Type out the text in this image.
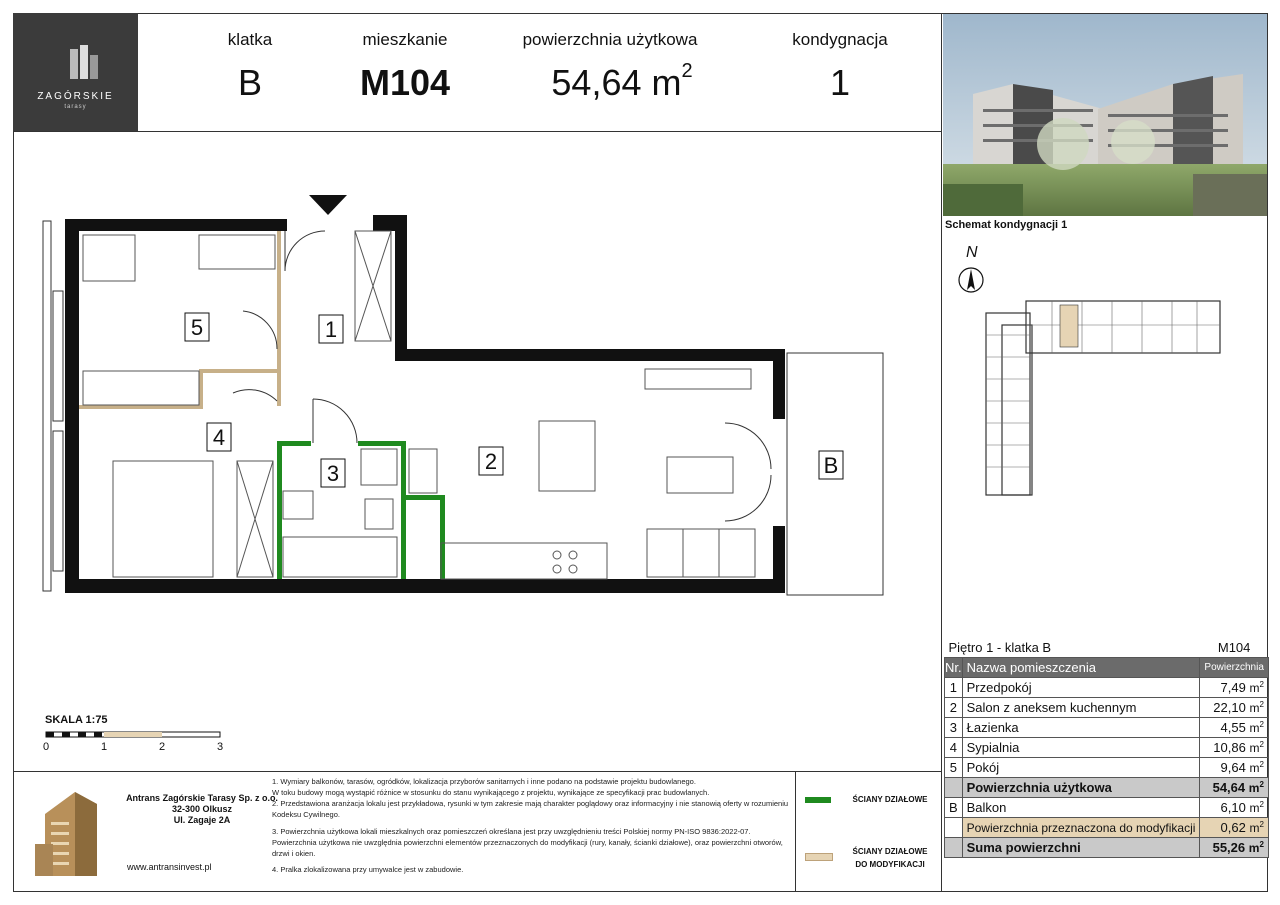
ZAGÓRSKIE
tarasy
klatka
B
mieszkanie
M104
powierzchnia użytkowa
54,64 $m^2$
kondygnacja
1
Schemat kondygnacji 1
N
1
2
3
4
5
B
SKALA 1:75
0	1	2	3
Piętro 1 - klatka B		M104
Nr.	Nazwa pomieszczenia	Powierzchnia
1	Przedpokój	7,49 $m^2$
2	Salon z aneksem kuchennym	22,10 $m^2$
3	Łazienka	4,55 $m^2$
4	Sypialnia	10,86 $m^2$
5	Pokój	9,64 $m^2$
	Powierzchnia użytkowa	54,64 $m^2$
B	Balkon	6,10 $m^2$
	Powierzchnia przeznaczona do modyfikacji	0,62 $m^2$
	Suma powierzchni	55,26 $m^2$
Antrans Zagórskie Tarasy Sp. z o.o.
32-300 Olkusz
Ul. Zagaje 2A
www.antransinvest.pl
1. Wymiary balkonów, tarasów, ogródków, lokalizacja przyborów sanitarnych i inne podano na podstawie projektu budowlanego.
W toku budowy mogą wystąpić różnice w stosunku do stanu wynikającego z projektu, wynikające ze specyfikacji prac budowlanych.
2. Przedstawiona aranżacja lokalu jest przykładowa, rysunki w tym zakresie mają charakter poglądowy oraz informacyjny i nie stanowią oferty w rozumieniu Kodeksu Cywilnego.
3. Powierzchnia użytkowa lokali mieszkalnych oraz pomieszczeń określana jest przy uwzględnieniu treści Polskiej normy PN-ISO 9836:2022-07. Powierzchnia użytkowa nie uwzględnia powierzchni elementów przeznaczonych do modyfikacji (rury, kanały, ścianki działowe), oraz powierzchni otworów, drzwi i okien.
4. Pralka zlokalizowana przy umywalce jest w zabudowie.
ŚCIANY DZIAŁOWE
ŚCIANY DZIAŁOWE
DO MODYFIKACJI
